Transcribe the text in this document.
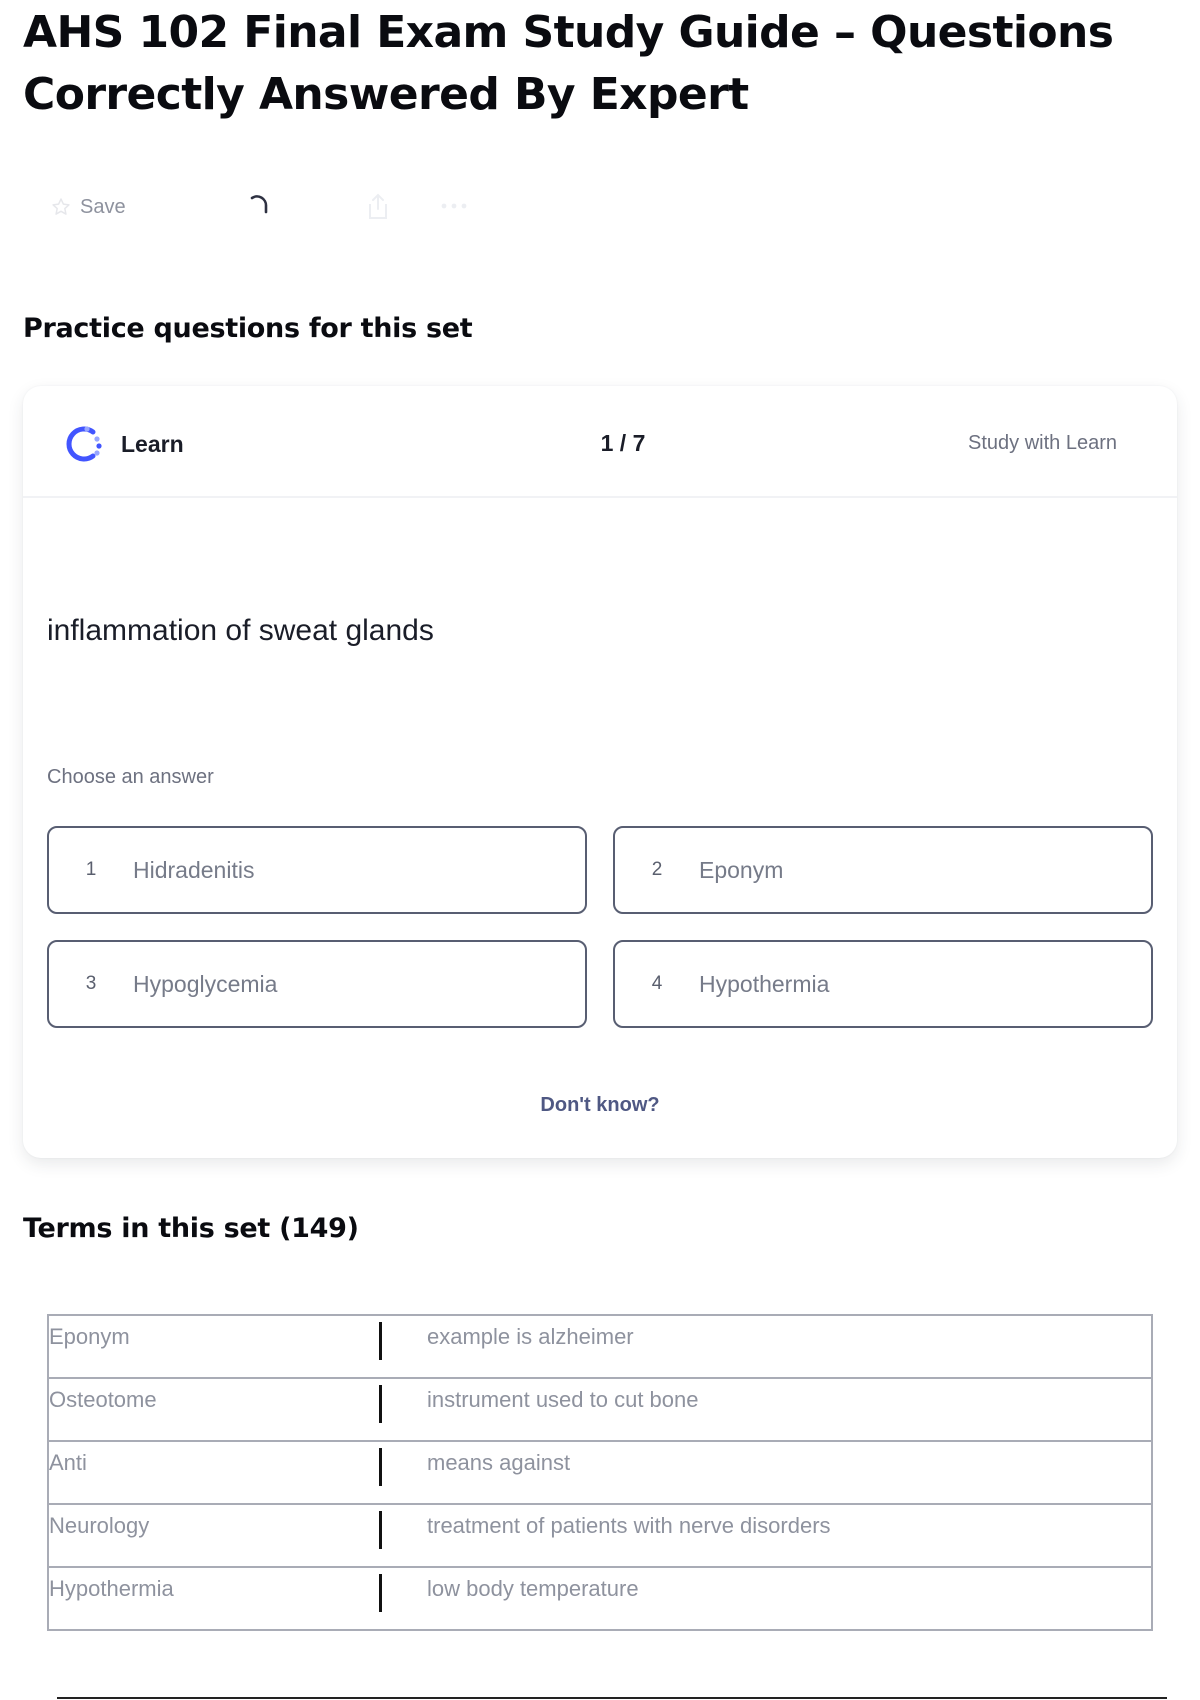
AHS 102 Final Exam Study Guide – Questions Correctly Answered By Expert
Save
Practice questions for this set
Learn	1 / 7	Study with Learn
inflammation of sweat glands
Choose an answer
1	Hidradenitis	2	Eponym
3	Hypoglycemia	4	Hypothermia
Don't know?
Terms in this set (149)
Eponym	example is alzheimer
Osteotome	instrument used to cut bone
Anti	means against
Neurology	treatment of patients with nerve disorders
Hypothermia	low body temperature
